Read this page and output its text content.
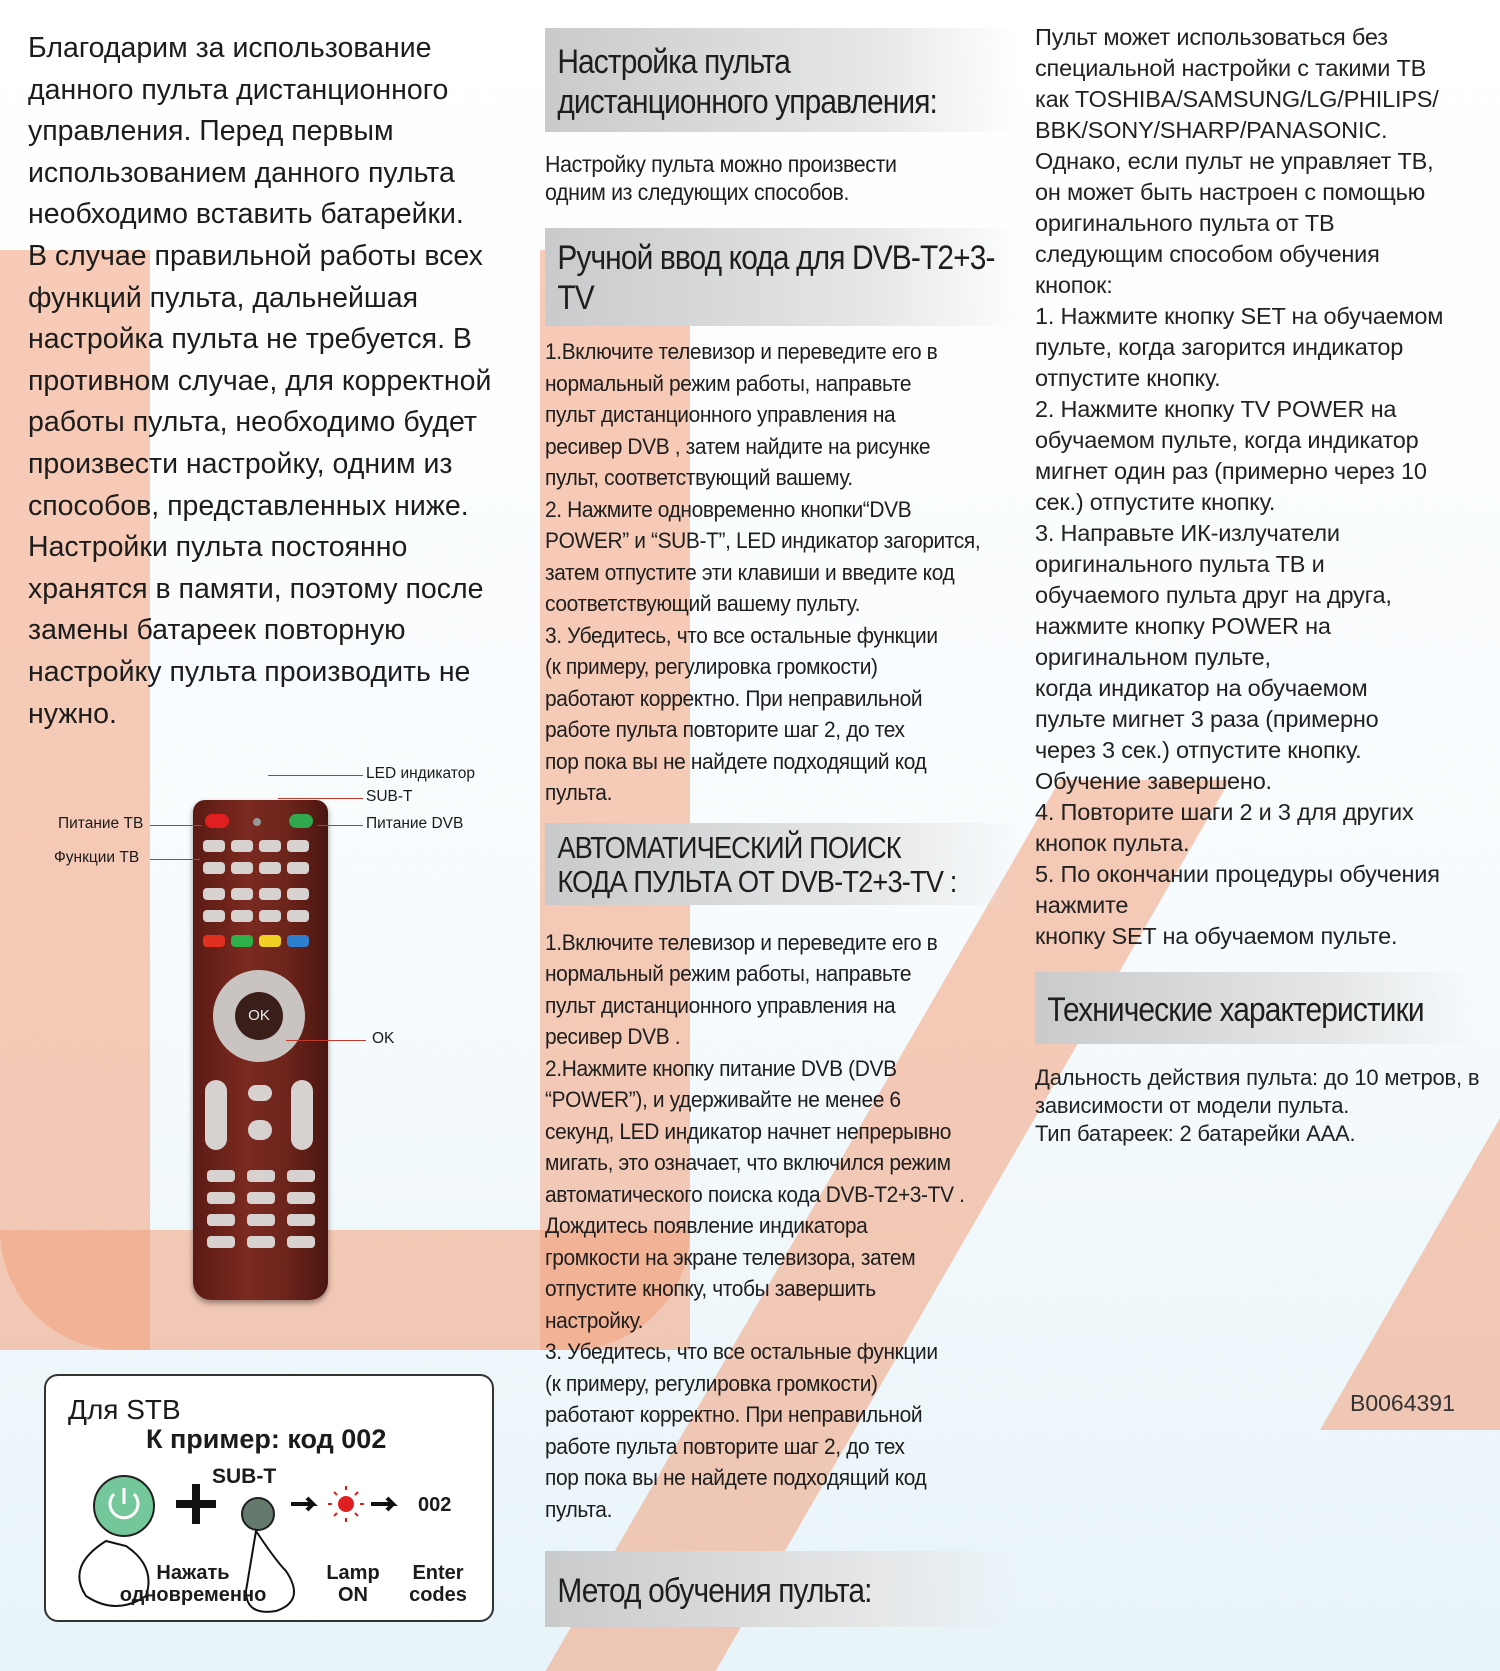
Благодарим за использование

данного пульта дистанционного

управления. Перед первым

использованием данного пульта

необходимо вставить батарейки.

В случае правильной работы всех

функций пульта, дальнейшая

настройка пульта не требуется. В

противном случае, для корректной

работы пульта, необходимо будет

произвести настройку, одним из

способов, представленных ниже.

Настройки пульта постоянно

хранятся в памяти, поэтому после

замены батареек повторную

настройку пульта производить не

нужно.

OK
LED индикатор
SUB-T
Питание DVB
Питание ТВ
Функции ТВ
OK
Для STB
К пример: код 002
SUB-T
002
Нажать
одновременно
Lamp
ON
Enter
codes
Настройка пульта
дистанционного управления:

Настройку пульта можно произвести

одним из следующих способов.

Ручной ввод кода для DVB-T2+3-TV

1.Включите телевизор и переведите его в

нормальный режим работы, направьте

пульт дистанционного управления на

ресивер DVB , затем найдите на рисунке

пульт, соответствующий вашему.

2. Нажмите одновременно кнопки“DVB

POWER” и “SUB-T”, LED индикатор загорится,

затем отпустите эти клавиши и введите код

соответствующий вашему пульту.

3. Убедитесь, что все остальные функции

(к примеру, регулировка громкости)

работают корректно. При неправильной

работе пульта повторите шаг 2, до тех

пор пока вы не найдете подходящий код

пульта.

АВТОМАТИЧЕСКИЙ ПОИСК
КОДА ПУЛЬТА ОТ DVB-T2+3-TV :

1.Включите телевизор и переведите его в

нормальный режим работы, направьте

пульт дистанционного управления на

ресивер DVB .

2.Нажмите кнопку питание DVB (DVB

“POWER”), и удерживайте не менее 6

секунд, LED индикатор начнет непрерывно

мигать, это означает, что включился режим

автоматического поиска кода DVB-T2+3-TV .

Дождитесь появление индикатора

громкости на экране телевизора, затем

отпустите кнопку, чтобы завершить

настройку.

3. Убедитесь, что все остальные функции

(к примеру, регулировка громкости)

работают корректно. При неправильной

работе пульта повторите шаг 2, до тех

пор пока вы не найдете подходящий код

пульта.

Метод обучения пульта:

Пульт может использоваться без

специальной настройки с такими ТВ

как TOSHIBA/SAMSUNG/LG/PHILIPS/

BBK/SONY/SHARP/PANASONIC.

Однако, если пульт не управляет ТВ,

он может быть настроен с помощью

оригинального пульта от ТВ

следующим способом обучения

кнопок:

1. Нажмите кнопку SET на обучаемом

пульте, когда загорится индикатор

отпустите кнопку.

2. Нажмите кнопку TV POWER на

обучаемом пульте, когда индикатор

мигнет один раз (примерно через 10

сек.) отпустите кнопку.

3. Направьте ИК-излучатели

оригинального пульта ТВ и

обучаемого пульта друг на друга,

нажмите кнопку POWER на

оригинальном пульте,

когда индикатор на обучаемом

пульте мигнет 3 раза (примерно

через 3 сек.) отпустите кнопку.

Обучение завершено.

4. Повторите шаги 2 и 3 для других

кнопок пульта.

5. По окончании процедуры обучения

нажмите

кнопку SET на обучаемом пульте.

Технические характеристики

Дальность действия пульта: до 10 метров, в

зависимости от модели пульта.

Тип батареек: 2 батарейки AAA.

B0064391
